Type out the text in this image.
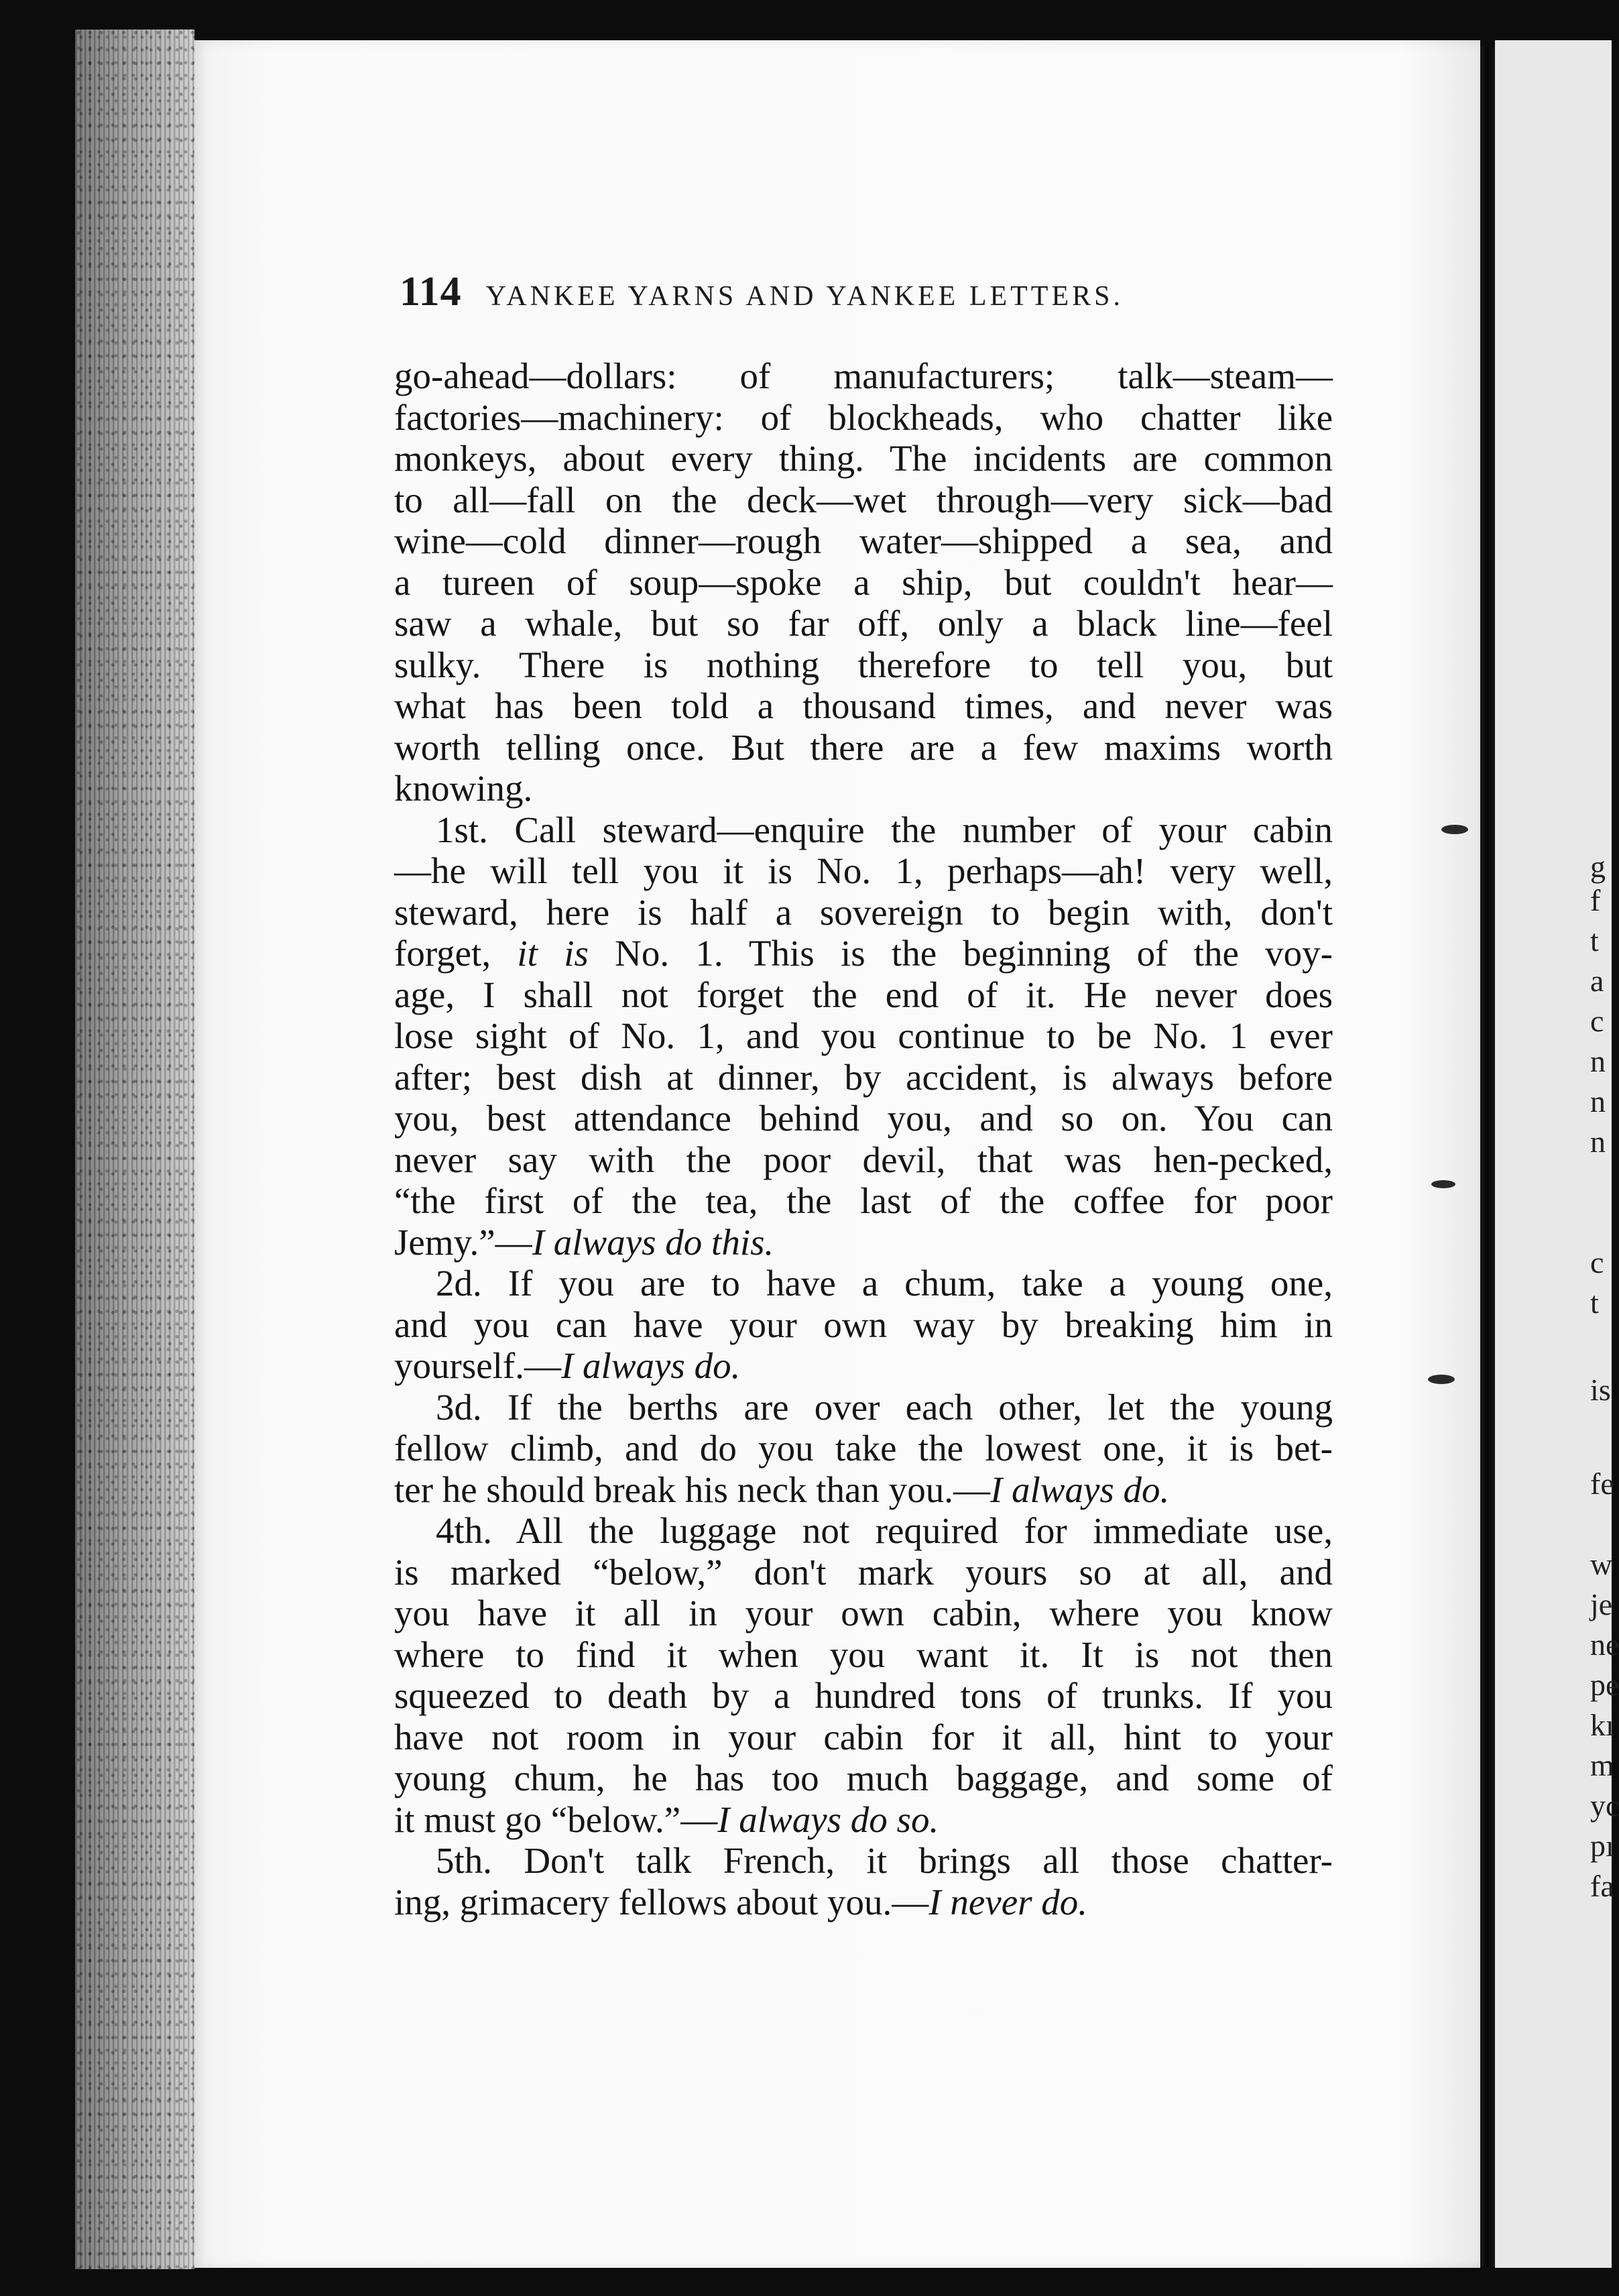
114 YANKEE YARNS AND YANKEE LETTERS.
go-ahead—dollars: of manufacturers; talk—steam—
factories—machinery: of blockheads, who chatter like
monkeys, about every thing. The incidents are common
to all—fall on the deck—wet through—very sick—bad
wine—cold dinner—rough water—shipped a sea, and
a tureen of soup—spoke a ship, but couldn't hear—
saw a whale, but so far off, only a black line—feel
sulky. There is nothing therefore to tell you, but
what has been told a thousand times, and never was
worth telling once. But there are a few maxims worth
knowing.
1st. Call steward—enquire the number of your cabin
—he will tell you it is No. 1, perhaps—ah! very well,
steward, here is half a sovereign to begin with, don't
forget, it is No. 1. This is the beginning of the voy-
age, I shall not forget the end of it. He never does
lose sight of No. 1, and you continue to be No. 1 ever
after; best dish at dinner, by accident, is always before
you, best attendance behind you, and so on. You can
never say with the poor devil, that was hen-pecked,
“the first of the tea, the last of the coffee for poor
Jemy.”—I always do this.
2d. If you are to have a chum, take a young one,
and you can have your own way by breaking him in
yourself.—I always do.
3d. If the berths are over each other, let the young
fellow climb, and do you take the lowest one, it is bet-
ter he should break his neck than you.—I always do.
4th. All the luggage not required for immediate use,
is marked “below,” don't mark yours so at all, and
you have it all in your own cabin, where you know
where to find it when you want it. It is not then
squeezed to death by a hundred tons of trunks. If you
have not room in your cabin for it all, hint to your
young chum, he has too much baggage, and some of
it must go “below.”—I always do so.
5th. Don't talk French, it brings all those chatter-
ing, grimacery fellows about you.—I never do.
g
f
t
a
c
n
n
n
c
t
is
fe
w
je
ne
pe
kı
m
yc
pı
fa
